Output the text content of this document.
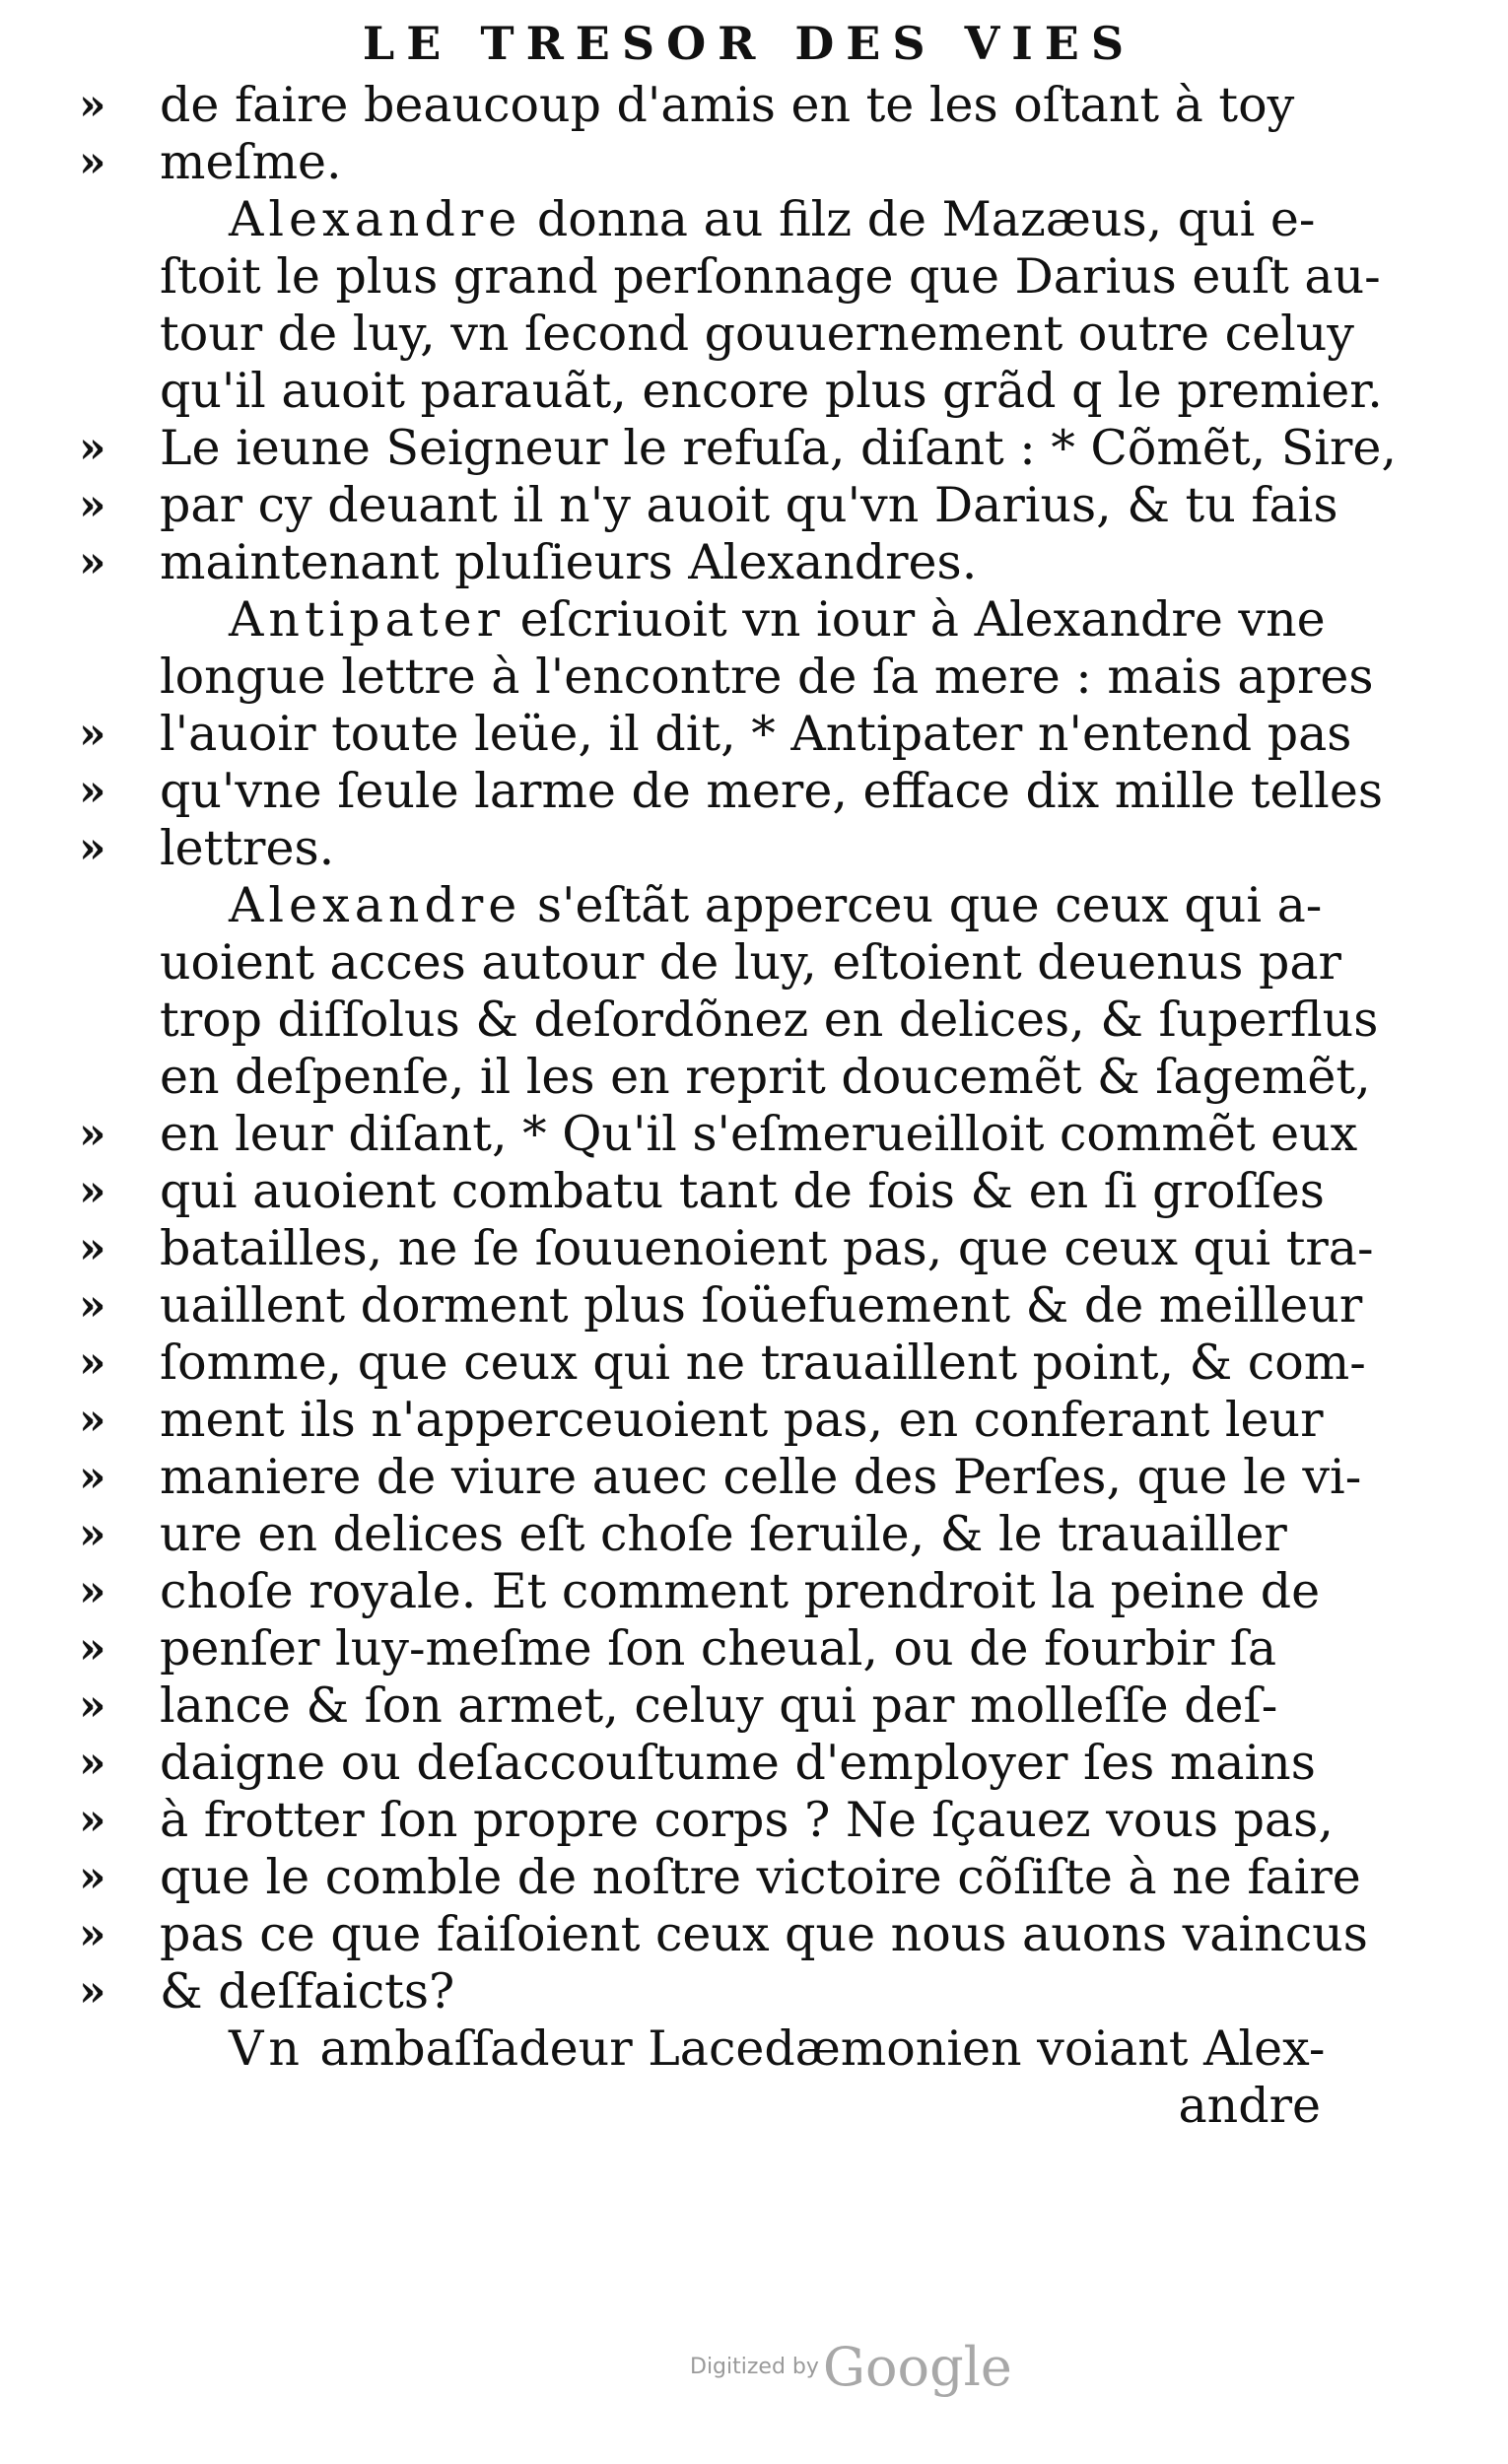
LE TRESOR DES VIES
»	de faire beaucoup d'amis en te les oſtant à toy
»	meſme.
Alexandre donna au filz de Mazæus, qui e-
ſtoit le plus grand perſonnage que Darius euſt au-
tour de luy, vn ſecond gouuernement outre celuy
qu'il auoit parauãt, encore plus grãd q le premier.
»	Le ieune Seigneur le refuſa, diſant : * Cõmẽt, Sire,
»	par cy deuant il n'y auoit qu'vn Darius, & tu fais
»	maintenant pluſieurs Alexandres.
Antipater eſcriuoit vn iour à Alexandre vne
longue lettre à l'encontre de ſa mere : mais apres
»	l'auoir toute leüe, il dit, * Antipater n'entend pas
»	qu'vne ſeule larme de mere, efface dix mille telles
»	lettres.
Alexandre s'eſtãt apperceu que ceux qui a-
uoient acces autour de luy, eſtoient deuenus par
trop diſſolus & deſordõnez en delices, & ſuperflus
en deſpenſe, il les en reprit doucemẽt & ſagemẽt,
»	en leur diſant, * Qu'il s'eſmerueilloit commẽt eux
»	qui auoient combatu tant de fois & en ſi groſſes
»	batailles, ne ſe ſouuenoient pas, que ceux qui tra-
»	uaillent dorment plus ſoüefuement & de meilleur
»	ſomme, que ceux qui ne trauaillent point, & com-
»	ment ils n'apperceuoient pas, en conferant leur
»	maniere de viure auec celle des Perſes, que le vi-
»	ure en delices eſt choſe ſeruile, & le trauailler
»	choſe royale. Et comment prendroit la peine de
»	penſer luy-meſme ſon cheual, ou de fourbir ſa
»	lance & ſon armet, celuy qui par molleſſe deſ-
»	daigne ou deſaccouſtume d'employer ſes mains
»	à frotter ſon propre corps ? Ne ſçauez vous pas,
»	que le comble de noſtre victoire cõſiſte à ne faire
»	pas ce que faiſoient ceux que nous auons vaincus
»	& deſfaicts?
Vn ambaſſadeur Lacedæmonien voiant Alex-
andre
Digitized byGoogle
